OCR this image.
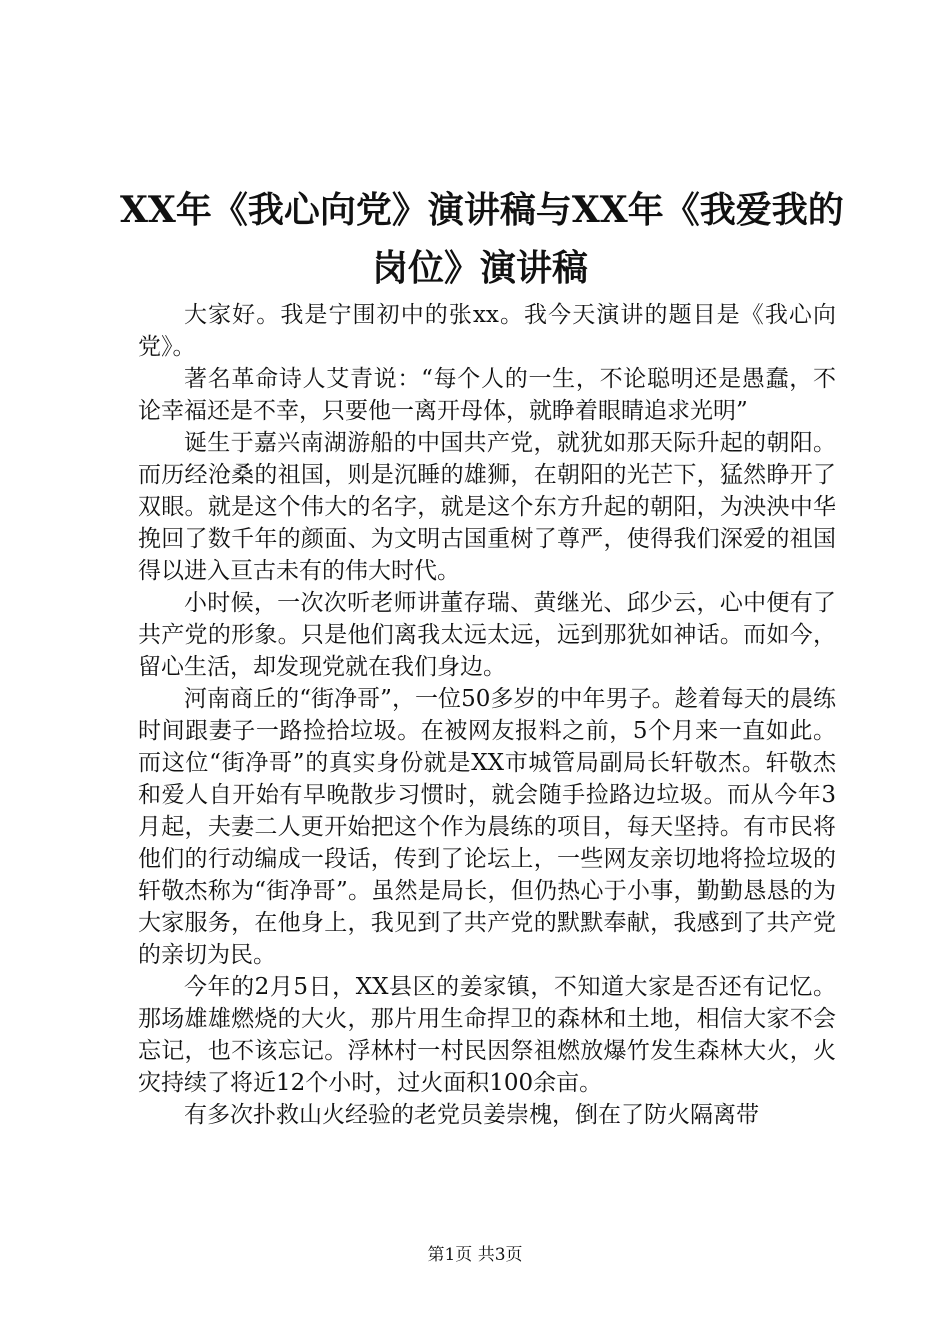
XX年《我心向党》演讲稿与XX年《我爱我的
岗位》演讲稿

大家好。我是宁围初中的张xx。我今天演讲的题目是《我心向党》。

著名革命诗人艾青说：“每个人的一生，不论聪明还是愚蠢，不论幸福还是不幸，只要他一离开母体，就睁着眼睛追求光明”

诞生于嘉兴南湖游船的中国共产党，就犹如那天际升起的朝阳。而历经沧桑的祖国，则是沉睡的雄狮，在朝阳的光芒下，猛然睁开了双眼。就是这个伟大的名字，就是这个东方升起的朝阳，为泱泱中华挽回了数千年的颜面、为文明古国重树了尊严，使得我们深爱的祖国得以进入亘古未有的伟大时代。

小时候，一次次听老师讲董存瑞、黄继光、邱少云，心中便有了共产党的形象。只是他们离我太远太远，远到那犹如神话。而如今，留心生活，却发现党就在我们身边。

河南商丘的“街净哥”，一位50多岁的中年男子。趁着每天的晨练时间跟妻子一路捡拾垃圾。在被网友报料之前，5个月来一直如此。而这位“街净哥”的真实身份就是XX市城管局副局长轩敬杰。轩敬杰和爱人自开始有早晚散步习惯时，就会随手捡路边垃圾。而从今年3月起，夫妻二人更开始把这个作为晨练的项目，每天坚持。有市民将他们的行动编成一段话，传到了论坛上，一些网友亲切地将捡垃圾的轩敬杰称为“街净哥”。虽然是局长，但仍热心于小事，勤勤恳恳的为大家服务，在他身上，我见到了共产党的默默奉献，我感到了共产党的亲切为民。

今年的2月5日，XX县区的姜家镇，不知道大家是否还有记忆。那场雄雄燃烧的大火，那片用生命捍卫的森林和土地，相信大家不会忘记，也不该忘记。浮林村一村民因祭祖燃放爆竹发生森林大火，火灾持续了将近12个小时，过火面积100余亩。

有多次扑救山火经验的老党员姜崇槐，倒在了防火隔离带

第1页 共3页
